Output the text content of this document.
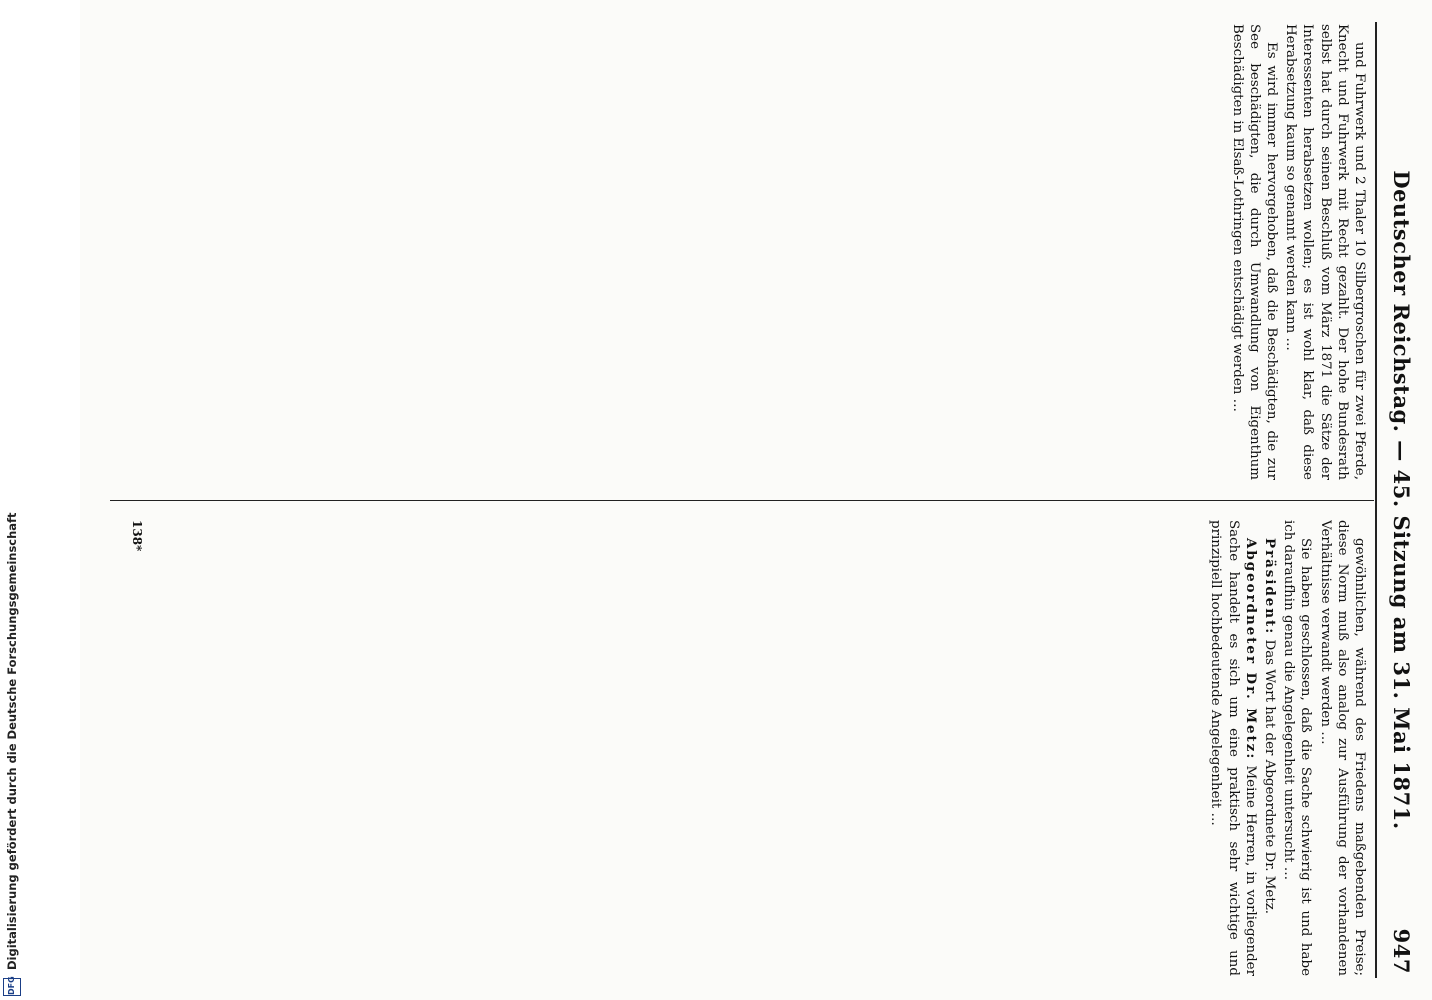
DFG
Digitalisierung gefördert durch die Deutsche Forschungsgemeinschaft	Deutscher Reichstag. — 45. Sitzung am 31. Mai 1871.
947

und Fuhrwerk und 2 Thaler 10 Silbergroschen für zwei Pferde, Knecht und Fuhrwerk mit Recht gezahlt. Der hohe Bundesrath selbst hat durch seinen Beschluß vom März 1871 die Sätze der Interessenten herabsetzen wollen; es ist wohl klar, daß diese Herabsetzung kaum so genannt werden kann …

Es wird immer hervorgehoben, daß die Beschädigten, die zur See beschädigten, die durch Umwandlung von Eigenthum Beschädigten in Elsaß-Lothringen entschädigt werden …

gewöhnlichen, während des Friedens maßgebenden Preise; diese Norm muß also analog zur Ausführung der vorhandenen Verhältnisse verwandt werden …

Sie haben geschlossen, daß die Sache schwierig ist und habe ich daraufhin genau die Angelegenheit untersucht …

Präsident: Das Wort hat der Abgeordnete Dr. Metz.

Abgeordneter Dr. Metz: Meine Herren, in vorliegender Sache handelt es sich um eine praktisch sehr wichtige und prinzipiell hochbedeutende Angelegenheit …

138*
